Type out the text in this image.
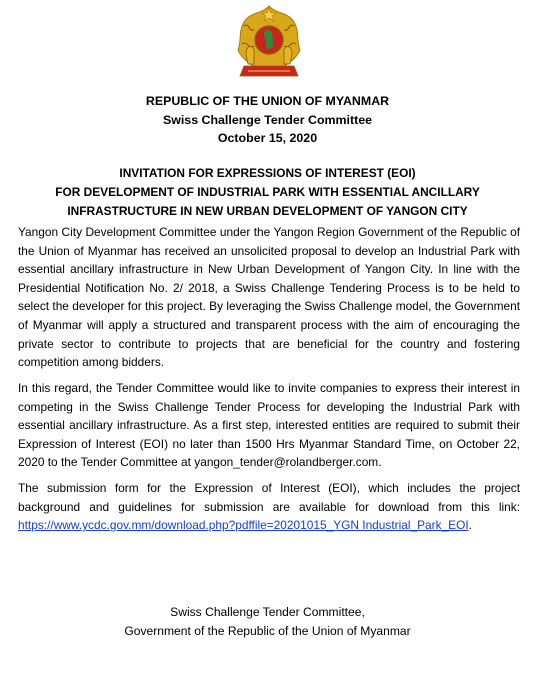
REPUBLIC OF THE UNION OF MYANMAR
Swiss Challenge Tender Committee
October 15, 2020
INVITATION FOR EXPRESSIONS OF INTEREST (EOI)
FOR DEVELOPMENT OF INDUSTRIAL PARK WITH ESSENTIAL ANCILLARY
INFRASTRUCTURE IN NEW URBAN DEVELOPMENT OF YANGON CITY

Yangon City Development Committee under the Yangon Region Government of the Republic of the Union of Myanmar has received an unsolicited proposal to develop an Industrial Park with essential ancillary infrastructure in New Urban Development of Yangon City. In line with the Presidential Notification No. 2/ 2018, a Swiss Challenge Tendering Process is to be held to select the developer for this project. By leveraging the Swiss Challenge model, the Government of Myanmar will apply a structured and transparent process with the aim of encouraging the private sector to contribute to projects that are beneficial for the country and fostering competition among bidders.

In this regard, the Tender Committee would like to invite companies to express their interest in competing in the Swiss Challenge Tender Process for developing the Industrial Park with essential ancillary infrastructure. As a first step, interested entities are required to submit their Expression of Interest (EOI) no later than 1500 Hrs Myanmar Standard Time, on October 22, 2020 to the Tender Committee at yangon_tender@rolandberger.com.

The submission form for the Expression of Interest (EOI), which includes the project background and guidelines for submission are available for download from this link: https://www.ycdc.gov.mm/download.php?pdffile=20201015_YGN Industrial_Park_EOI.

Swiss Challenge Tender Committee,
Government of the Republic of the Union of Myanmar
